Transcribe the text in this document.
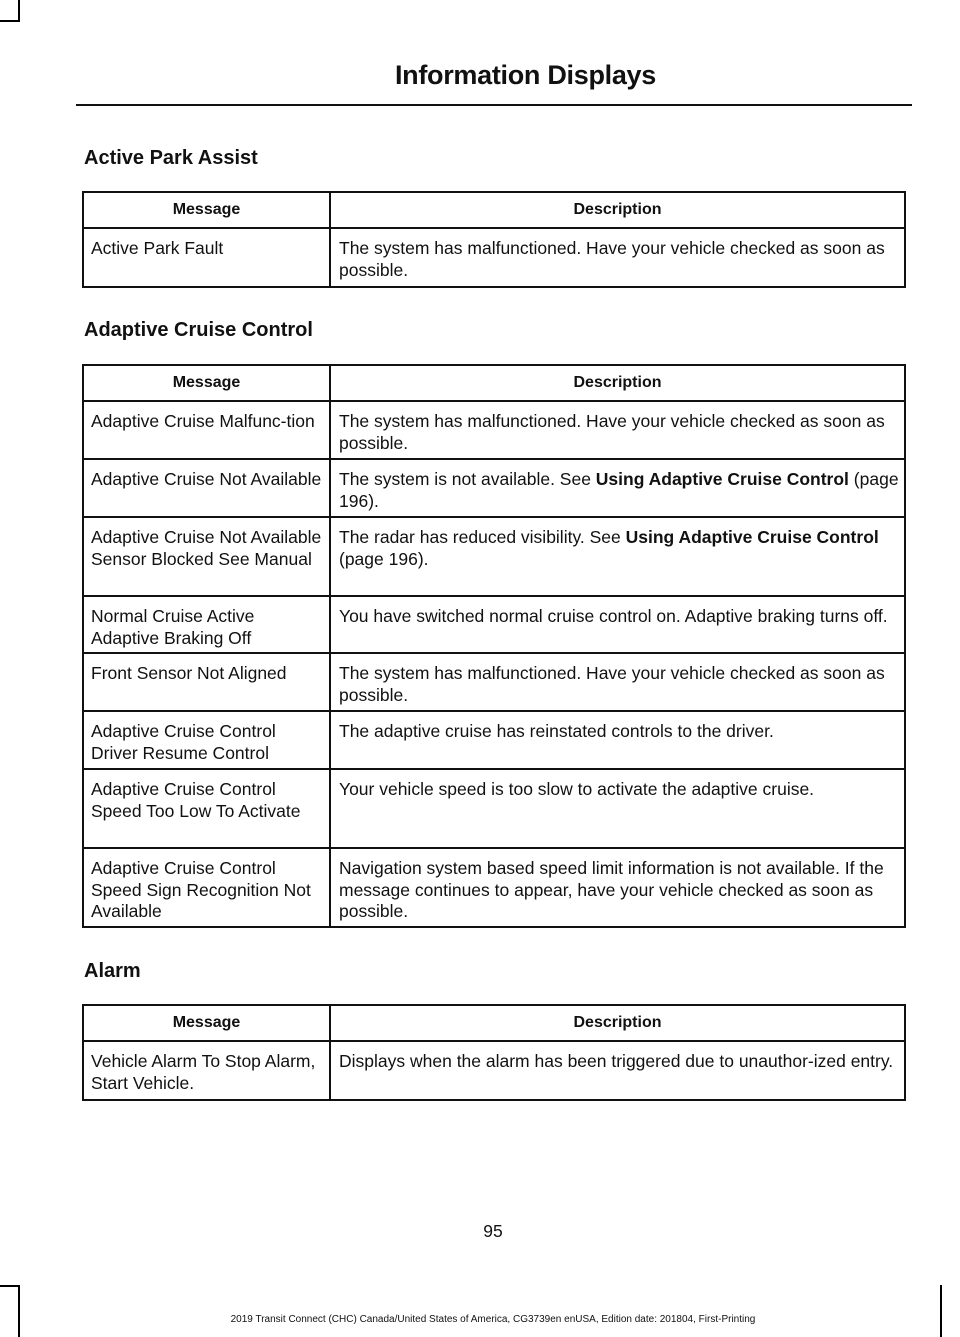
Information Displays
Active Park Assist
Message	Description
Active Park Fault	The system has malfunctioned. Have your vehicle checked as soon as possible.
Adaptive Cruise Control
Message	Description
Adaptive Cruise Malfunc-tion	The system has malfunctioned. Have your vehicle checked as soon as possible.
Adaptive Cruise Not Available	The system is not available. See Using Adaptive Cruise Control (page 196).
Adaptive Cruise Not Available Sensor Blocked See Manual	The radar has reduced visibility. See Using Adaptive Cruise Control (page 196).
Normal Cruise Active Adaptive Braking Off	You have switched normal cruise control on. Adaptive braking turns off.
Front Sensor Not Aligned	The system has malfunctioned. Have your vehicle checked as soon as possible.
Adaptive Cruise Control Driver Resume Control	The adaptive cruise has reinstated controls to the driver.
Adaptive Cruise Control Speed Too Low To Activate	Your vehicle speed is too slow to activate the adaptive cruise.
Adaptive Cruise Control Speed Sign Recognition Not Available	Navigation system based speed limit information is not available. If the message continues to appear, have your vehicle checked as soon as possible.
Alarm
Message	Description
Vehicle Alarm To Stop Alarm, Start Vehicle.	Displays when the alarm has been triggered due to unauthor-ized entry.
95
2019 Transit Connect (CHC) Canada/United States of America, CG3739en enUSA, Edition date: 201804, First-Printing
